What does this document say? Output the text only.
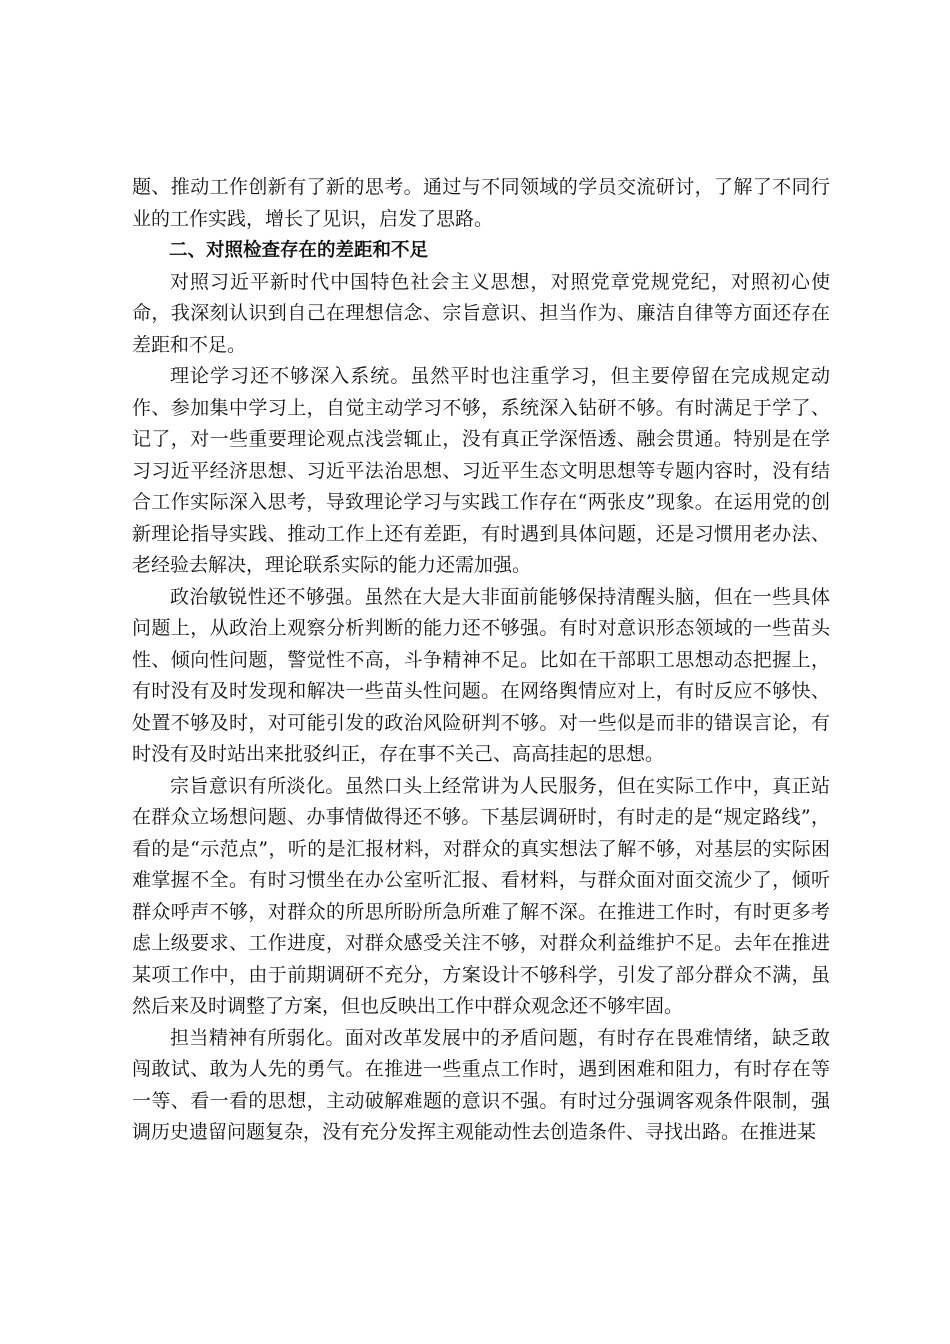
题、推动工作创新有了新的思考。通过与不同领域的学员交流研讨，了解了不同行业的工作实践，增长了见识，启发了思路。

二、对照检查存在的差距和不足

对照习近平新时代中国特色社会主义思想，对照党章党规党纪，对照初心使命，我深刻认识到自己在理想信念、宗旨意识、担当作为、廉洁自律等方面还存在差距和不足。

理论学习还不够深入系统。虽然平时也注重学习，但主要停留在完成规定动作、参加集中学习上，自觉主动学习不够，系统深入钻研不够。有时满足于学了、记了，对一些重要理论观点浅尝辄止，没有真正学深悟透、融会贯通。特别是在学习习近平经济思想、习近平法治思想、习近平生态文明思想等专题内容时，没有结合工作实际深入思考，导致理论学习与实践工作存在“两张皮”现象。在运用党的创新理论指导实践、推动工作上还有差距，有时遇到具体问题，还是习惯用老办法、老经验去解决，理论联系实际的能力还需加强。

政治敏锐性还不够强。虽然在大是大非面前能够保持清醒头脑，但在一些具体问题上，从政治上观察分析判断的能力还不够强。有时对意识形态领域的一些苗头性、倾向性问题，警觉性不高，斗争精神不足。比如在干部职工思想动态把握上，有时没有及时发现和解决一些苗头性问题。在网络舆情应对上，有时反应不够快、处置不够及时，对可能引发的政治风险研判不够。对一些似是而非的错误言论，有时没有及时站出来批驳纠正，存在事不关己、高高挂起的思想。

宗旨意识有所淡化。虽然口头上经常讲为人民服务，但在实际工作中，真正站在群众立场想问题、办事情做得还不够。下基层调研时，有时走的是“规定路线”，看的是“示范点”，听的是汇报材料，对群众的真实想法了解不够，对基层的实际困难掌握不全。有时习惯坐在办公室听汇报、看材料，与群众面对面交流少了，倾听群众呼声不够，对群众的所思所盼所急所难了解不深。在推进工作时，有时更多考虑上级要求、工作进度，对群众感受关注不够，对群众利益维护不足。去年在推进某项工作中，由于前期调研不充分，方案设计不够科学，引发了部分群众不满，虽然后来及时调整了方案，但也反映出工作中群众观念还不够牢固。

担当精神有所弱化。面对改革发展中的矛盾问题，有时存在畏难情绪，缺乏敢闯敢试、敢为人先的勇气。在推进一些重点工作时，遇到困难和阻力，有时存在等一等、看一看的思想，主动破解难题的意识不强。有时过分强调客观条件限制，强调历史遗留问题复杂，没有充分发挥主观能动性去创造条件、寻找出路。在推进某
